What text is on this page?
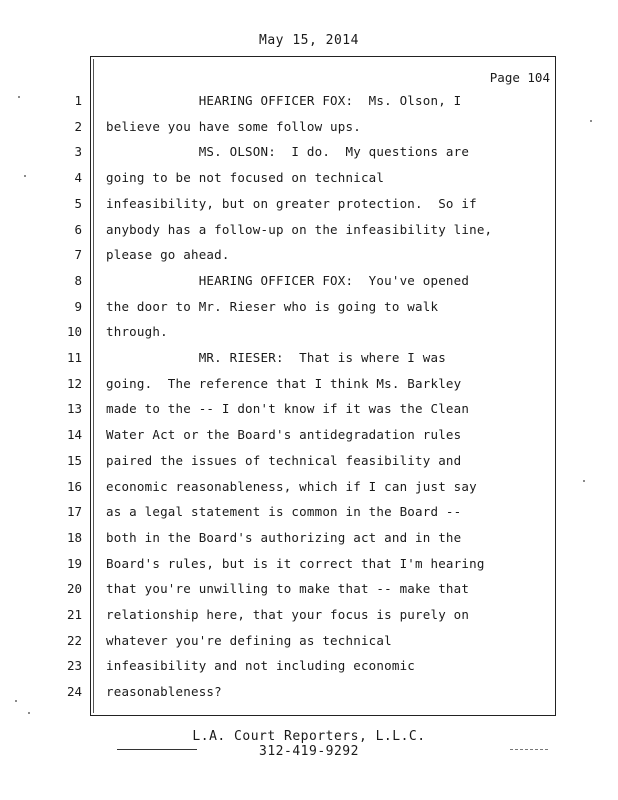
May 15, 2014
Page 104
1 HEARING OFFICER FOX:  Ms. Olson, I
2 believe you have some follow ups.
3 MS. OLSON:  I do.  My questions are
4 going to be not focused on technical
5 infeasibility, but on greater protection.  So if
6 anybody has a follow-up on the infeasibility line,
7 please go ahead.
8 HEARING OFFICER FOX:  You've opened
9 the door to Mr. Rieser who is going to walk
10 through.
11 MR. RIESER:  That is where I was
12 going.  The reference that I think Ms. Barkley
13 made to the -- I don't know if it was the Clean
14 Water Act or the Board's antidegradation rules
15 paired the issues of technical feasibility and
16 economic reasonableness, which if I can just say
17 as a legal statement is common in the Board --
18 both in the Board's authorizing act and in the
19 Board's rules, but is it correct that I'm hearing
20 that you're unwilling to make that -- make that
21 relationship here, that your focus is purely on
22 whatever you're defining as technical
23 infeasibility and not including economic
24 reasonableness?
L.A. Court Reporters, L.L.C.
312-419-9292
